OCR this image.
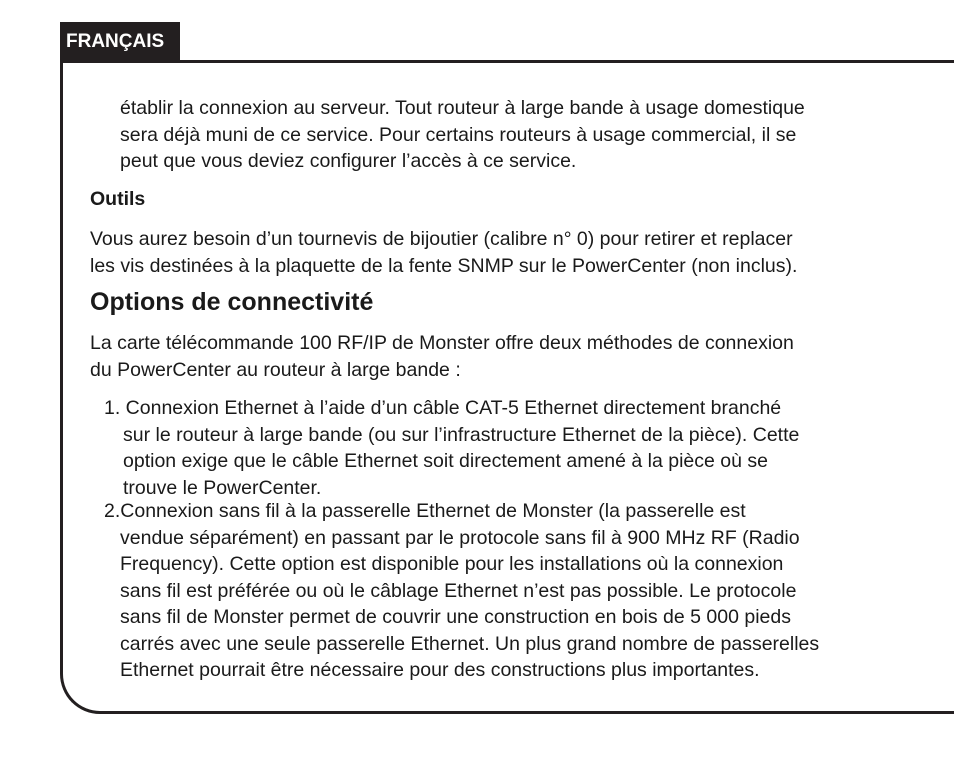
FRANÇAIS

établir la connexion au serveur. Tout routeur à large bande à usage domestique
sera déjà muni de ce service. Pour certains routeurs à usage commercial, il se
peut que vous deviez configurer l’accès à ce service.

Outils

Vous aurez besoin d’un tournevis de bijoutier (calibre n° 0) pour retirer et replacer
les vis destinées à la plaquette de la fente SNMP sur le PowerCenter (non inclus).

Options de connectivité

La carte télécommande 100 RF/IP de Monster offre deux méthodes de connexion
du PowerCenter au routeur à large bande :

1. Connexion Ethernet à l’aide d’un câble CAT-5 Ethernet directement branché
sur le routeur à large bande (ou sur l’infrastructure Ethernet de la pièce). Cette
option exige que le câble Ethernet soit directement amené à la pièce où se
trouve le PowerCenter.
2.Connexion sans fil à la passerelle Ethernet de Monster (la passerelle est
vendue séparément) en passant par le protocole sans fil à 900 MHz RF (Radio
Frequency). Cette option est disponible pour les installations où la connexion
sans fil est préférée ou où le câblage Ethernet n’est pas possible. Le protocole
sans fil de Monster permet de couvrir une construction en bois de 5 000 pieds
carrés avec une seule passerelle Ethernet. Un plus grand nombre de passerelles
Ethernet pourrait être nécessaire pour des constructions plus importantes.
